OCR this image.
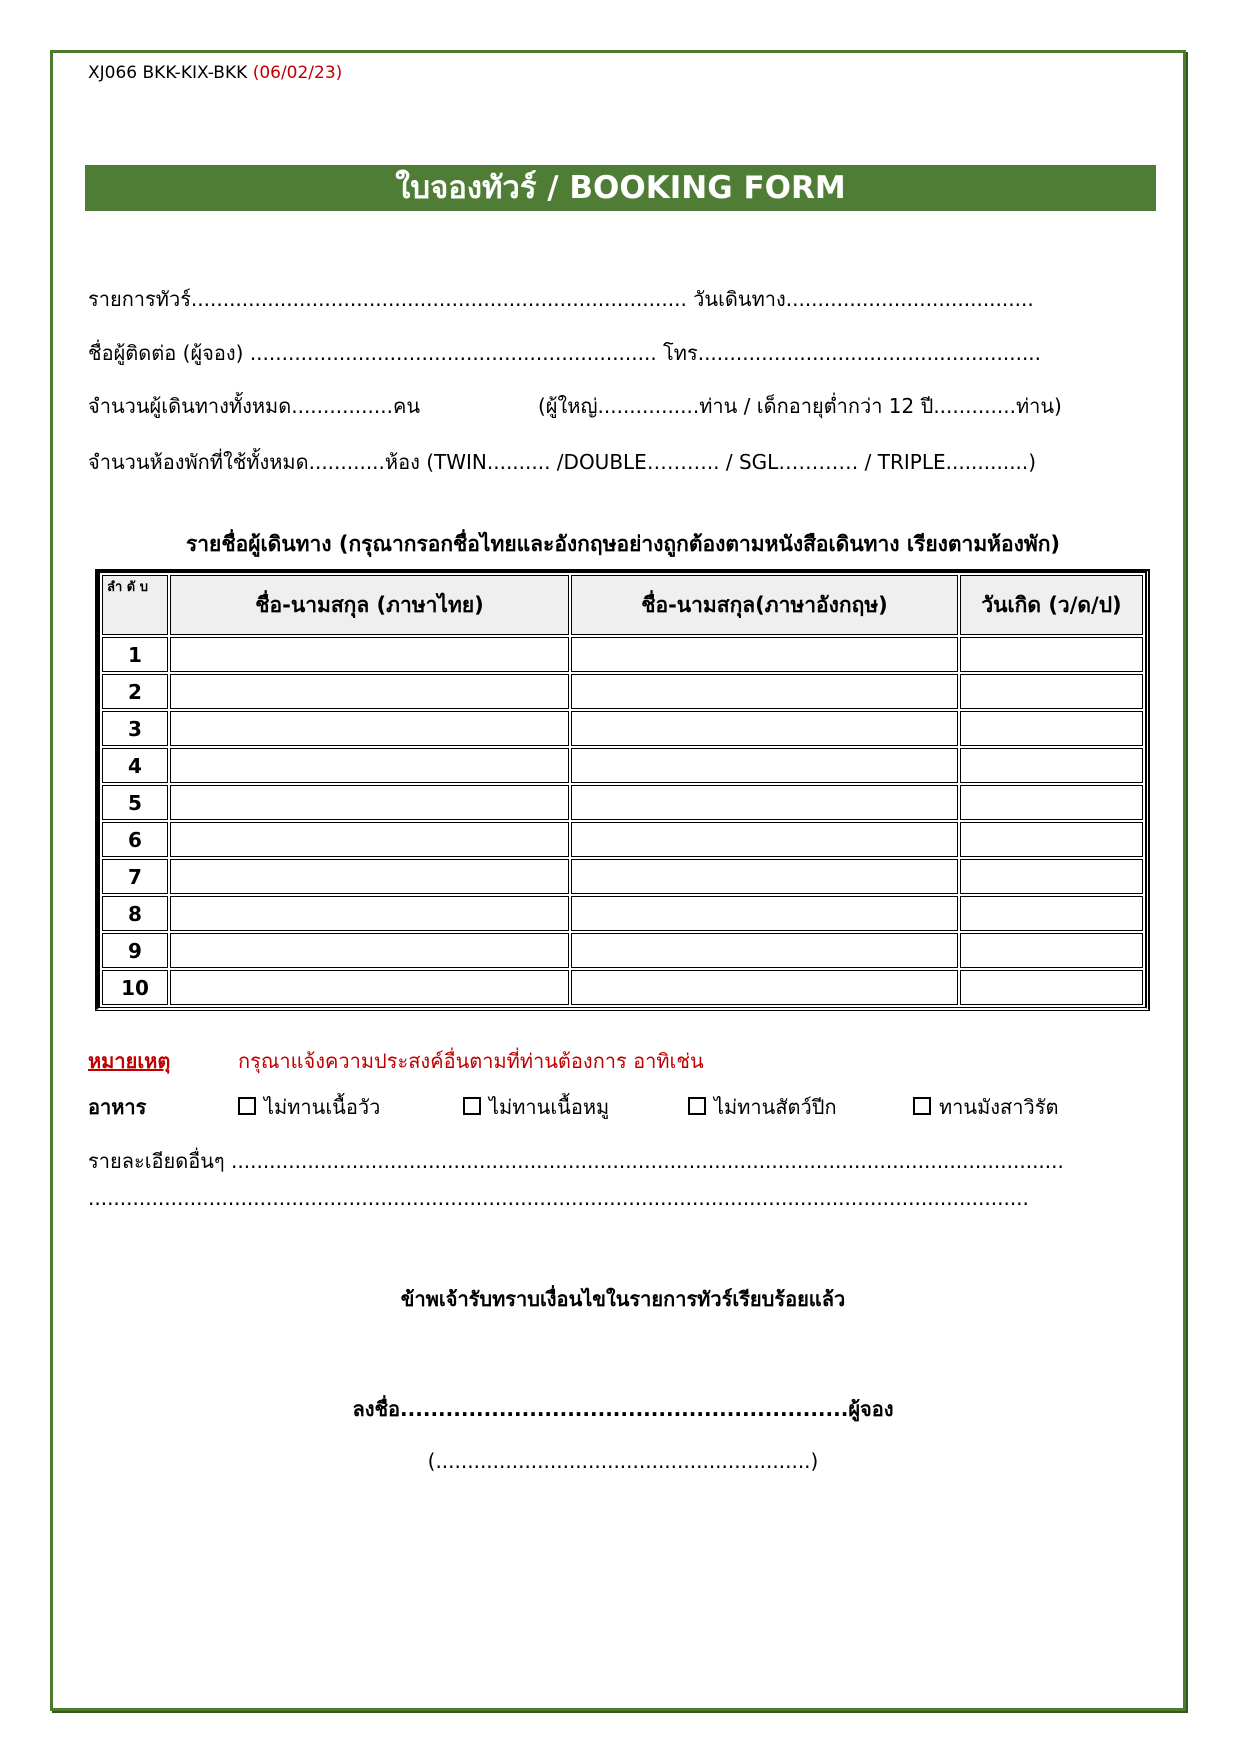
XJ066 BKK-KIX-BKK (06/02/23)
ใบจองทัวร์ / BOOKING FORM
รายการทัวร์.............................................................................. วันเดินทาง.......................................
ชื่อผู้ติดต่อ (ผู้จอง) ................................................................ โทร......................................................
จำนวนผู้เดินทางทั้งหมด................คน	(ผู้ใหญ่................ท่าน / เด็กอายุต่ำกว่า 12 ปี.............ท่าน)
จำนวนห้องพักที่ใช้ทั้งหมด............ห้อง (TWIN.......... /DOUBLE……….. / SGL………… / TRIPLE.............)
รายชื่อผู้เดินทาง (กรุณากรอกชื่อไทยและอังกฤษอย่างถูกต้องตามหนังสือเดินทาง เรียงตามห้องพัก)
ลำ ดั บ	ชื่อ-นามสกุล (ภาษาไทย)	ชื่อ-นามสกุล(ภาษาอังกฤษ)	วันเกิด (ว/ด/ป)
1			
2			
3			
4			
5			
6			
7			
8			
9			
10			
หมายเหตุ	กรุณาแจ้งความประสงค์อื่นตามที่ท่านต้องการ อาทิเช่น
อาหาร	ไม่ทานเนื้อวัว	ไม่ทานเนื้อหมู	ไม่ทานสัตว์ปีก	ทานมังสาวิรัต
รายละเอียดอื่นๆ ...................................................................................................................................
....................................................................................................................................................
ข้าพเจ้ารับทราบเงื่อนไขในรายการทัวร์เรียบร้อยแล้ว
ลงชื่อ...........................................................ผู้จอง
(...........................................................)
